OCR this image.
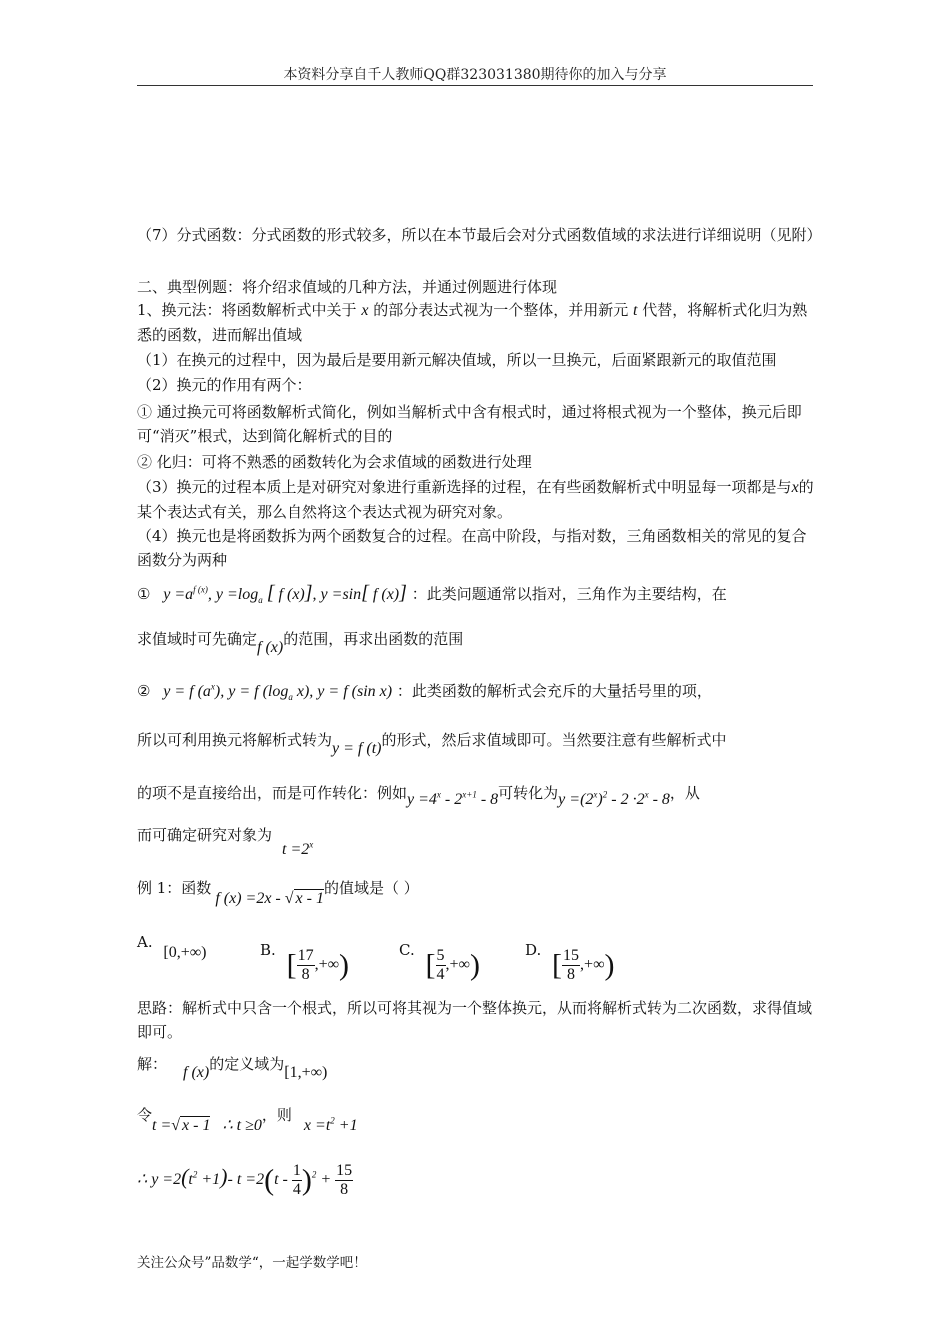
本资料分享自千人教师QQ群323031380期待你的加入与分享
（7）分式函数：分式函数的形式较多，所以在本节最后会对分式函数值域的求法进行详细说明（见附）
二、典型例题：将介绍求值域的几种方法，并通过例题进行体现
1、换元法：将函数解析式中关于 x 的部分表达式视为一个整体，并用新元 t 代替，将解析式化归为熟悉的函数，进而解出值域
（1）在换元的过程中，因为最后是要用新元解决值域，所以一旦换元，后面紧跟新元的取值范围
（2）换元的作用有两个：
① 通过换元可将函数解析式简化，例如当解析式中含有根式时，通过将根式视为一个整体，换元后即可“消灭”根式，达到简化解析式的目的
② 化归：可将不熟悉的函数转化为会求值域的函数进行处理
（3）换元的过程本质上是对研究对象进行重新选择的过程，在有些函数解析式中明显每一项都是与x的某个表达式有关，那么自然将这个表达式视为研究对象。
（4）换元也是将函数拆为两个函数复合的过程。在高中阶段，与指对数，三角函数相关的常见的复合函数分为两种
① $y =a^{f (x)}$, $y =\log_a$ [ f (x)], y =sin[ f (x)] ：此类问题通常以指对，三角作为主要结构，在
求值域时可先确定f (x)的范围，再求出函数的范围
② y = f $(a^x)$, y = f ($\log_a$ x), y = f (sin x) ：此类函数的解析式会充斥的大量括号里的项，
所以可利用换元将解析式转为y = f (t)的形式，然后求值域即可。当然要注意有些解析式中
的项不是直接给出，而是可作转化：例如$y =4^x - 2^{x+1} - 8$可转化为$y =(2^x)^2 - 2 \cdot 2^x - 8$，从
而可确定研究对象为$t =2^x$
例 1：函数f (x) =2x - √ x - 1的值域是（ ）
A. [0,+∞)	B. [ $\frac{17}{8}$ ,+∞)	C. [ $\frac{5}{4}$ ,+∞)	D. [ $\frac{15}{8}$ ,+∞)
思路：解析式中只含一个根式，所以可将其视为一个整体换元，从而将解析式转为二次函数，求得值域即可。
解： f (x)的定义域为[1,+∞)
令t =√ x - 1 ∴ t ≥0，则$x =t^2 +1$
∴ $y =2(t^2 +1)-$ $t =2(t - \frac{1}{4} )^2 + \frac{15}{8}$
关注公众号”品数学“，一起学数学吧！
